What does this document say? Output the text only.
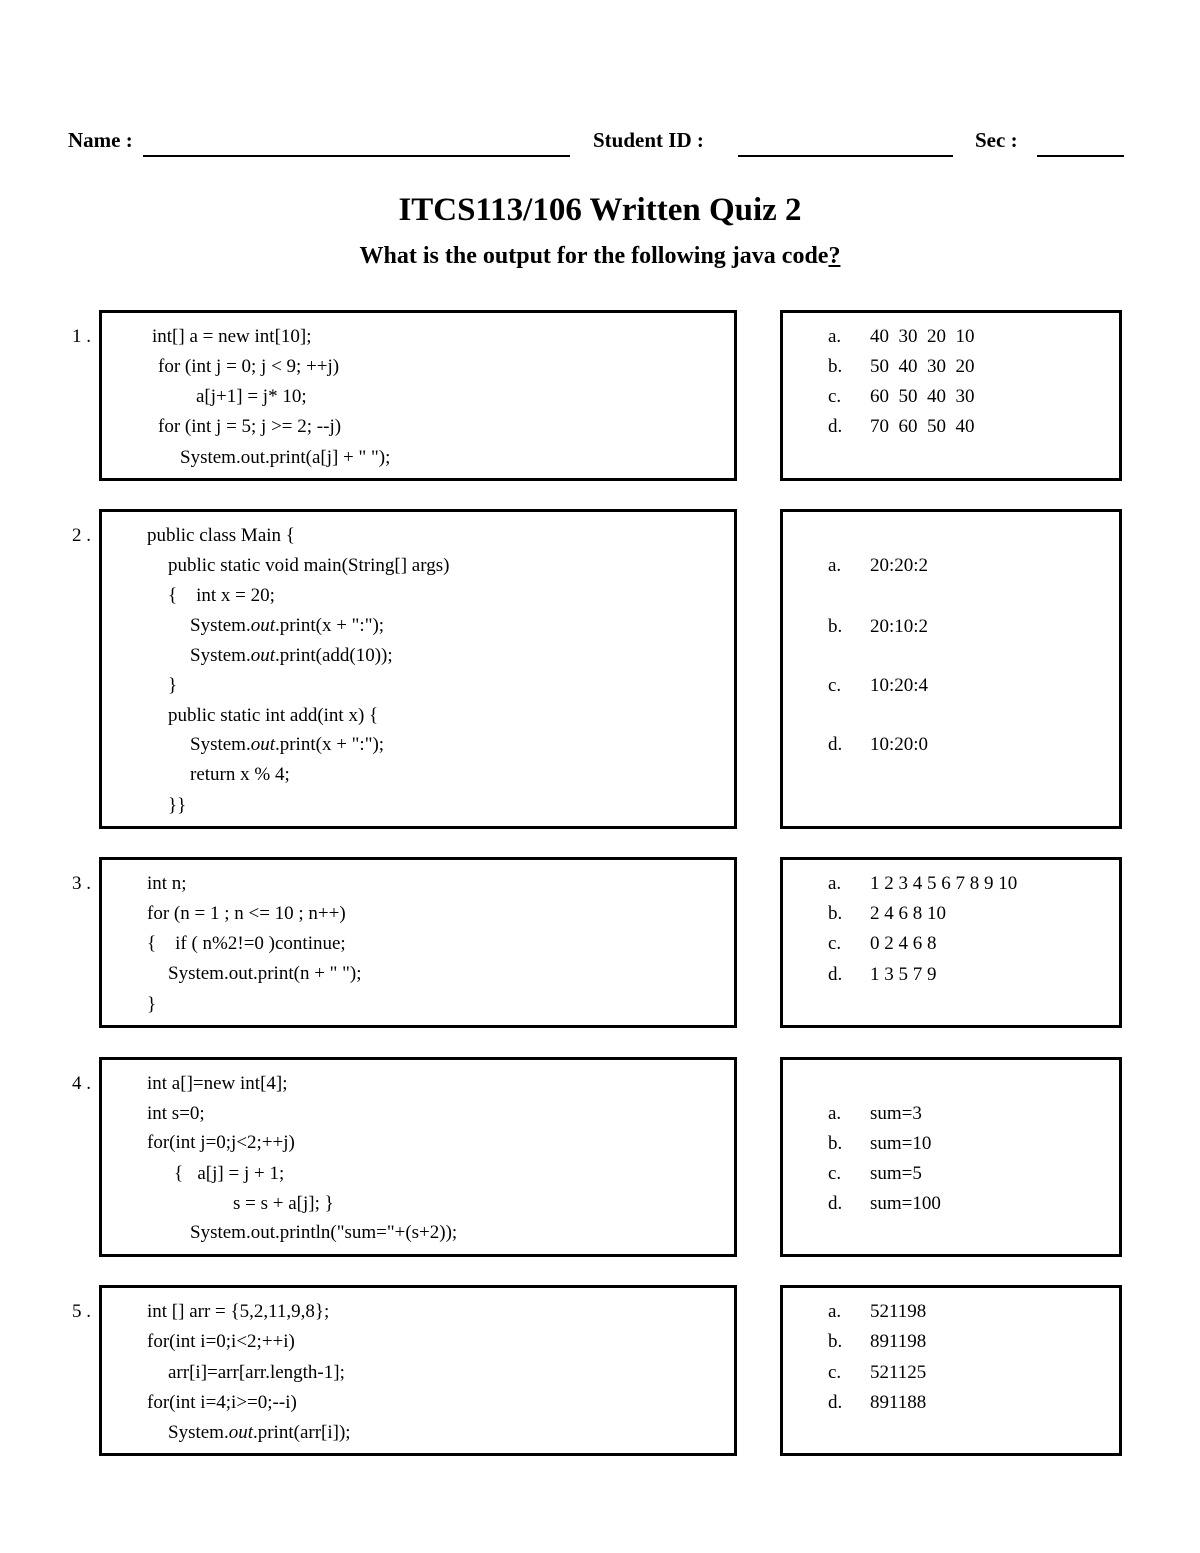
Name :	Student ID :	Sec :
ITCS113/106 Written Quiz 2
What is the output for the following java code?
1 .	int[] a = new int[10];
for (int j = 0; j < 9; ++j)
a[j+1] = j* 10;
for (int j = 5; j >= 2; --j)
System.out.print(a[j] + " ");
a. 40  30  20  10
b. 50  40  30  20
c. 60  50  40  30
d. 70  60  50  40
2 .	public class Main {
public static void main(String[] args)
{    int x = 20;
System.out.print(x + ":");
System.out.print(add(10));
}
public static int add(int x) {
System.out.print(x + ":");
return x % 4;
}}
a. 20:20:2
b. 20:10:2
c. 10:20:4
d. 10:20:0
3 .	int n;
for (n = 1 ; n <= 10 ; n++)
{    if ( n%2!=0 )continue;
System.out.print(n + " ");
}
a. 1 2 3 4 5 6 7 8 9 10
b. 2 4 6 8 10
c. 0 2 4 6 8
d. 1 3 5 7 9
4 .	int a[]=new int[4];
int s=0;
for(int j=0;j<2;++j)
{   a[j] = j + 1;
s = s + a[j]; }
System.out.println("sum="+(s+2));
a. sum=3
b. sum=10
c. sum=5
d. sum=100
5 .	int [] arr = {5,2,11,9,8};
for(int i=0;i<2;++i)
arr[i]=arr[arr.length-1];
for(int i=4;i>=0;--i)
System.out.print(arr[i]);
a. 521198
b. 891198
c. 521125
d. 891188
